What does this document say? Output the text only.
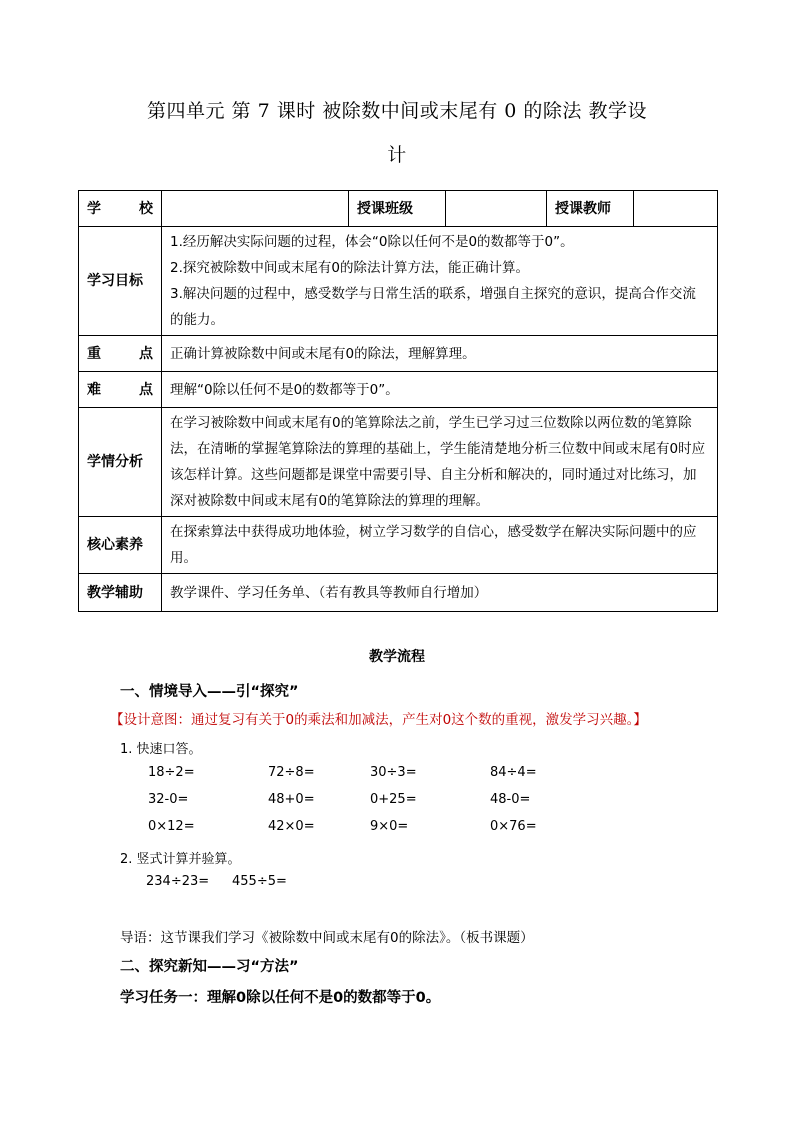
第四单元 第 7 课时 被除数中间或末尾有 0 的除法 教学设
计
学 校		授课班级		授课教师	
学习目标	1.经历解决实际问题的过程，体会“0除以任何不是0的数都等于0”。
2.探究被除数中间或末尾有0的除法计算方法，能正确计算。
3.解决问题的过程中，感受数学与日常生活的联系，增强自主探究的意识，提高合作交流的能力。				

重 点	正确计算被除数中间或末尾有0的除法，理解算理。				
难 点	理解“0除以任何不是0的数都等于0”。				
学情分析	在学习被除数中间或末尾有0的笔算除法之前，学生已学习过三位数除以两位数的笔算除法，在清晰的掌握笔算除法的算理的基础上，学生能清楚地分析三位数中间或末尾有0时应该怎样计算。这些问题都是课堂中需要引导、自主分析和解决的，同时通过对比练习，加深对被除数中间或末尾有0的笔算除法的算理的理解。				
核心素养	在探索算法中获得成功地体验，树立学习数学的自信心，感受数学在解决实际问题中的应用。				
教学辅助	教学课件、学习任务单、（若有教具等教师自行增加）				
教学流程
一、情境导入——引“探究”
【设计意图：通过复习有关于0的乘法和加减法，产生对0这个数的重视，激发学习兴趣。】
1. 快速口答。
18÷2=	72÷8=	30÷3=	84÷4=
32-0=	48+0=	0+25=	48-0=
0×12=	42×0=	9×0=	0×76=
2. 竖式计算并验算。
234÷23= 455÷5=
导语：这节课我们学习《被除数中间或末尾有0的除法》。（板书课题）
二、探究新知——习“方法”
学习任务一：理解0除以任何不是0的数都等于0。
